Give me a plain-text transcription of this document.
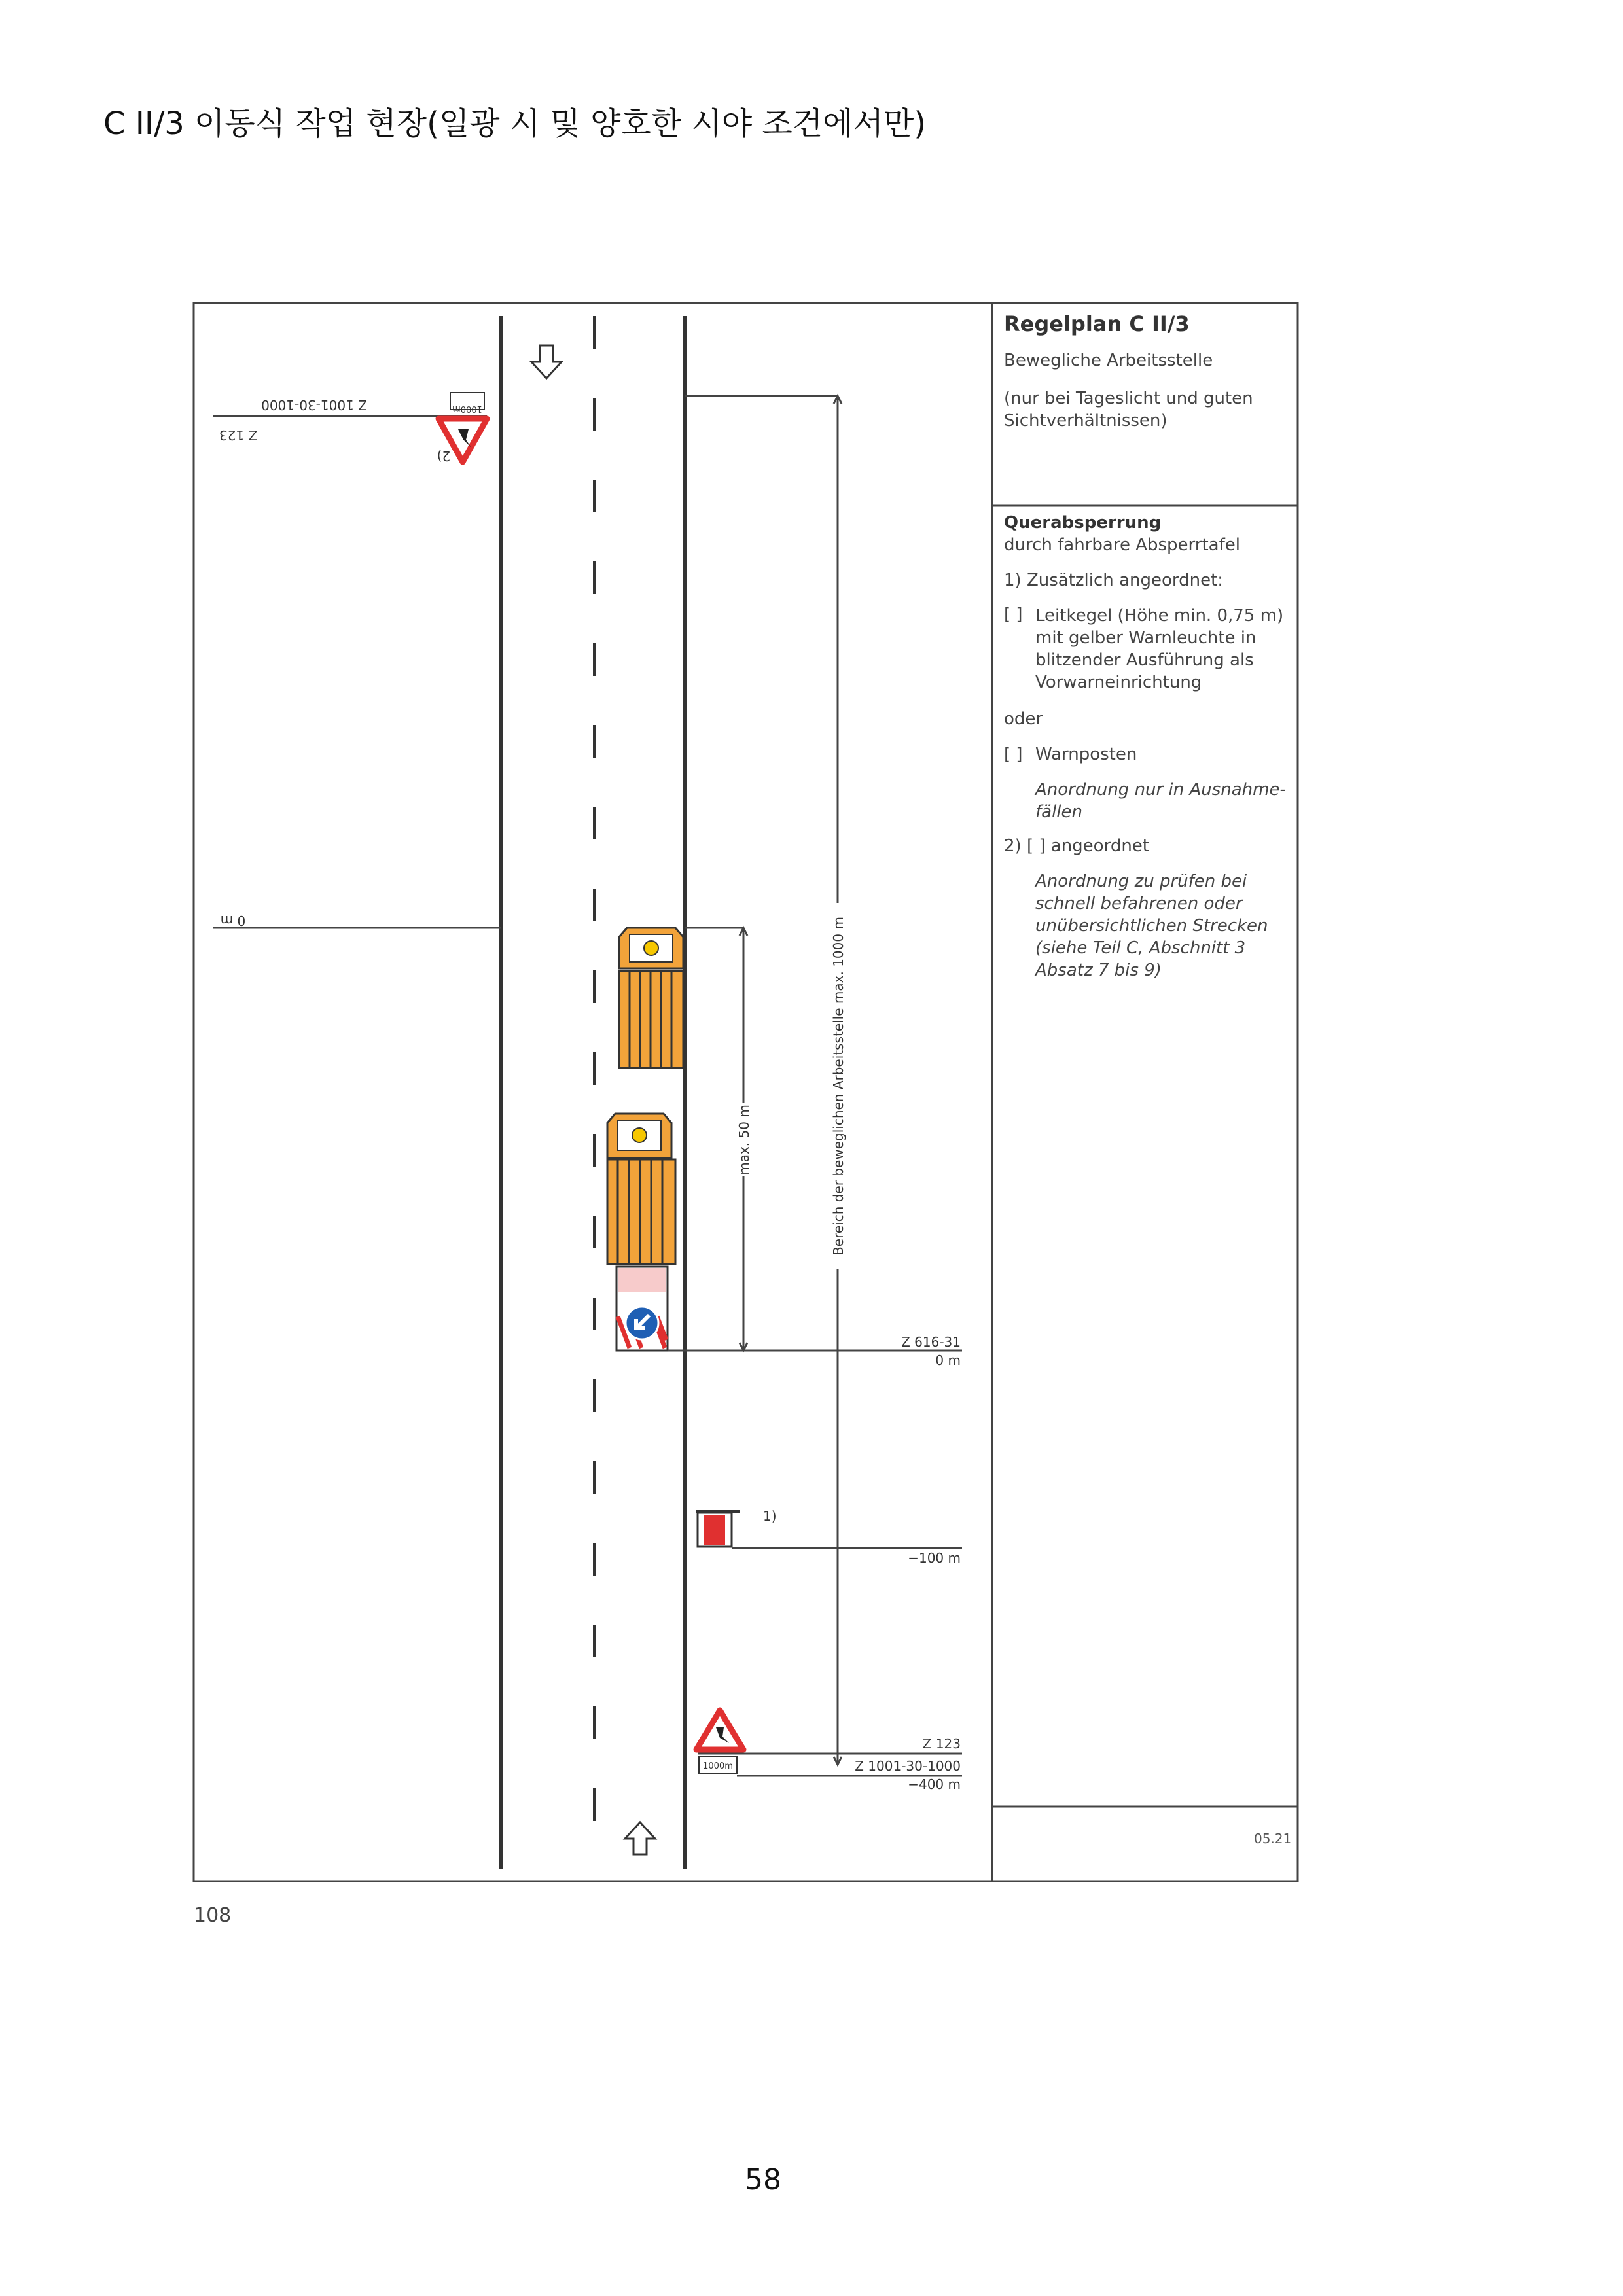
C II/3 이동식 작업 현장(일광 시 및 양호한 시야 조건에서만)
Z 1001-30-1000
Z 123
1000m
2)
0 m
Z 616-31
0 m
max. 50 m	Bereich der beweglichen Arbeitsstelle max. 1000 m
1)
−100 m
1000m
Z 123
Z 1001-30-1000
−400 m
Regelplan C II/3
Bewegliche Arbeitsstelle
(nur bei Tageslicht und guten Sichtverhältnissen)
Querabsperrung
durch fahrbare Absperrtafel
1) Zusätzlich angeordnet:
[ ] Leitkegel (Höhe min. 0,75 m) mit gelber Warnleuchte in blitzender Ausführung als Vorwarneinrichtung
oder
[ ] Warnposten
Anordnung nur in Ausnahme-fällen
2) [ ] angeordnet
Anordnung zu prüfen bei schnell befahrenen oder unübersichtlichen Strecken (siehe Teil C, Abschnitt 3 Absatz 7 bis 9)
05.21
108
58
